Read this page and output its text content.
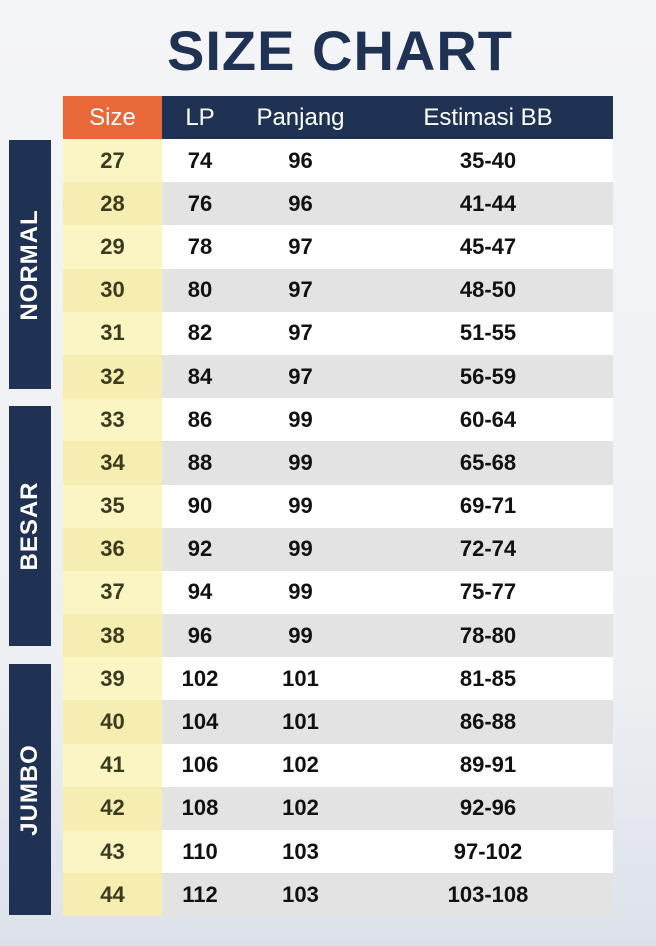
SIZE CHART
Size	LP	Panjang	Estimasi BB
NORMAL
BESAR
JUMBO
27	74	96	35-40
28	76	96	41-44
29	78	97	45-47
30	80	97	48-50
31	82	97	51-55
32	84	97	56-59
33	86	99	60-64
34	88	99	65-68
35	90	99	69-71
36	92	99	72-74
37	94	99	75-77
38	96	99	78-80
39	102	101	81-85
40	104	101	86-88
41	106	102	89-91
42	108	102	92-96
43	110	103	97-102
44	112	103	103-108
